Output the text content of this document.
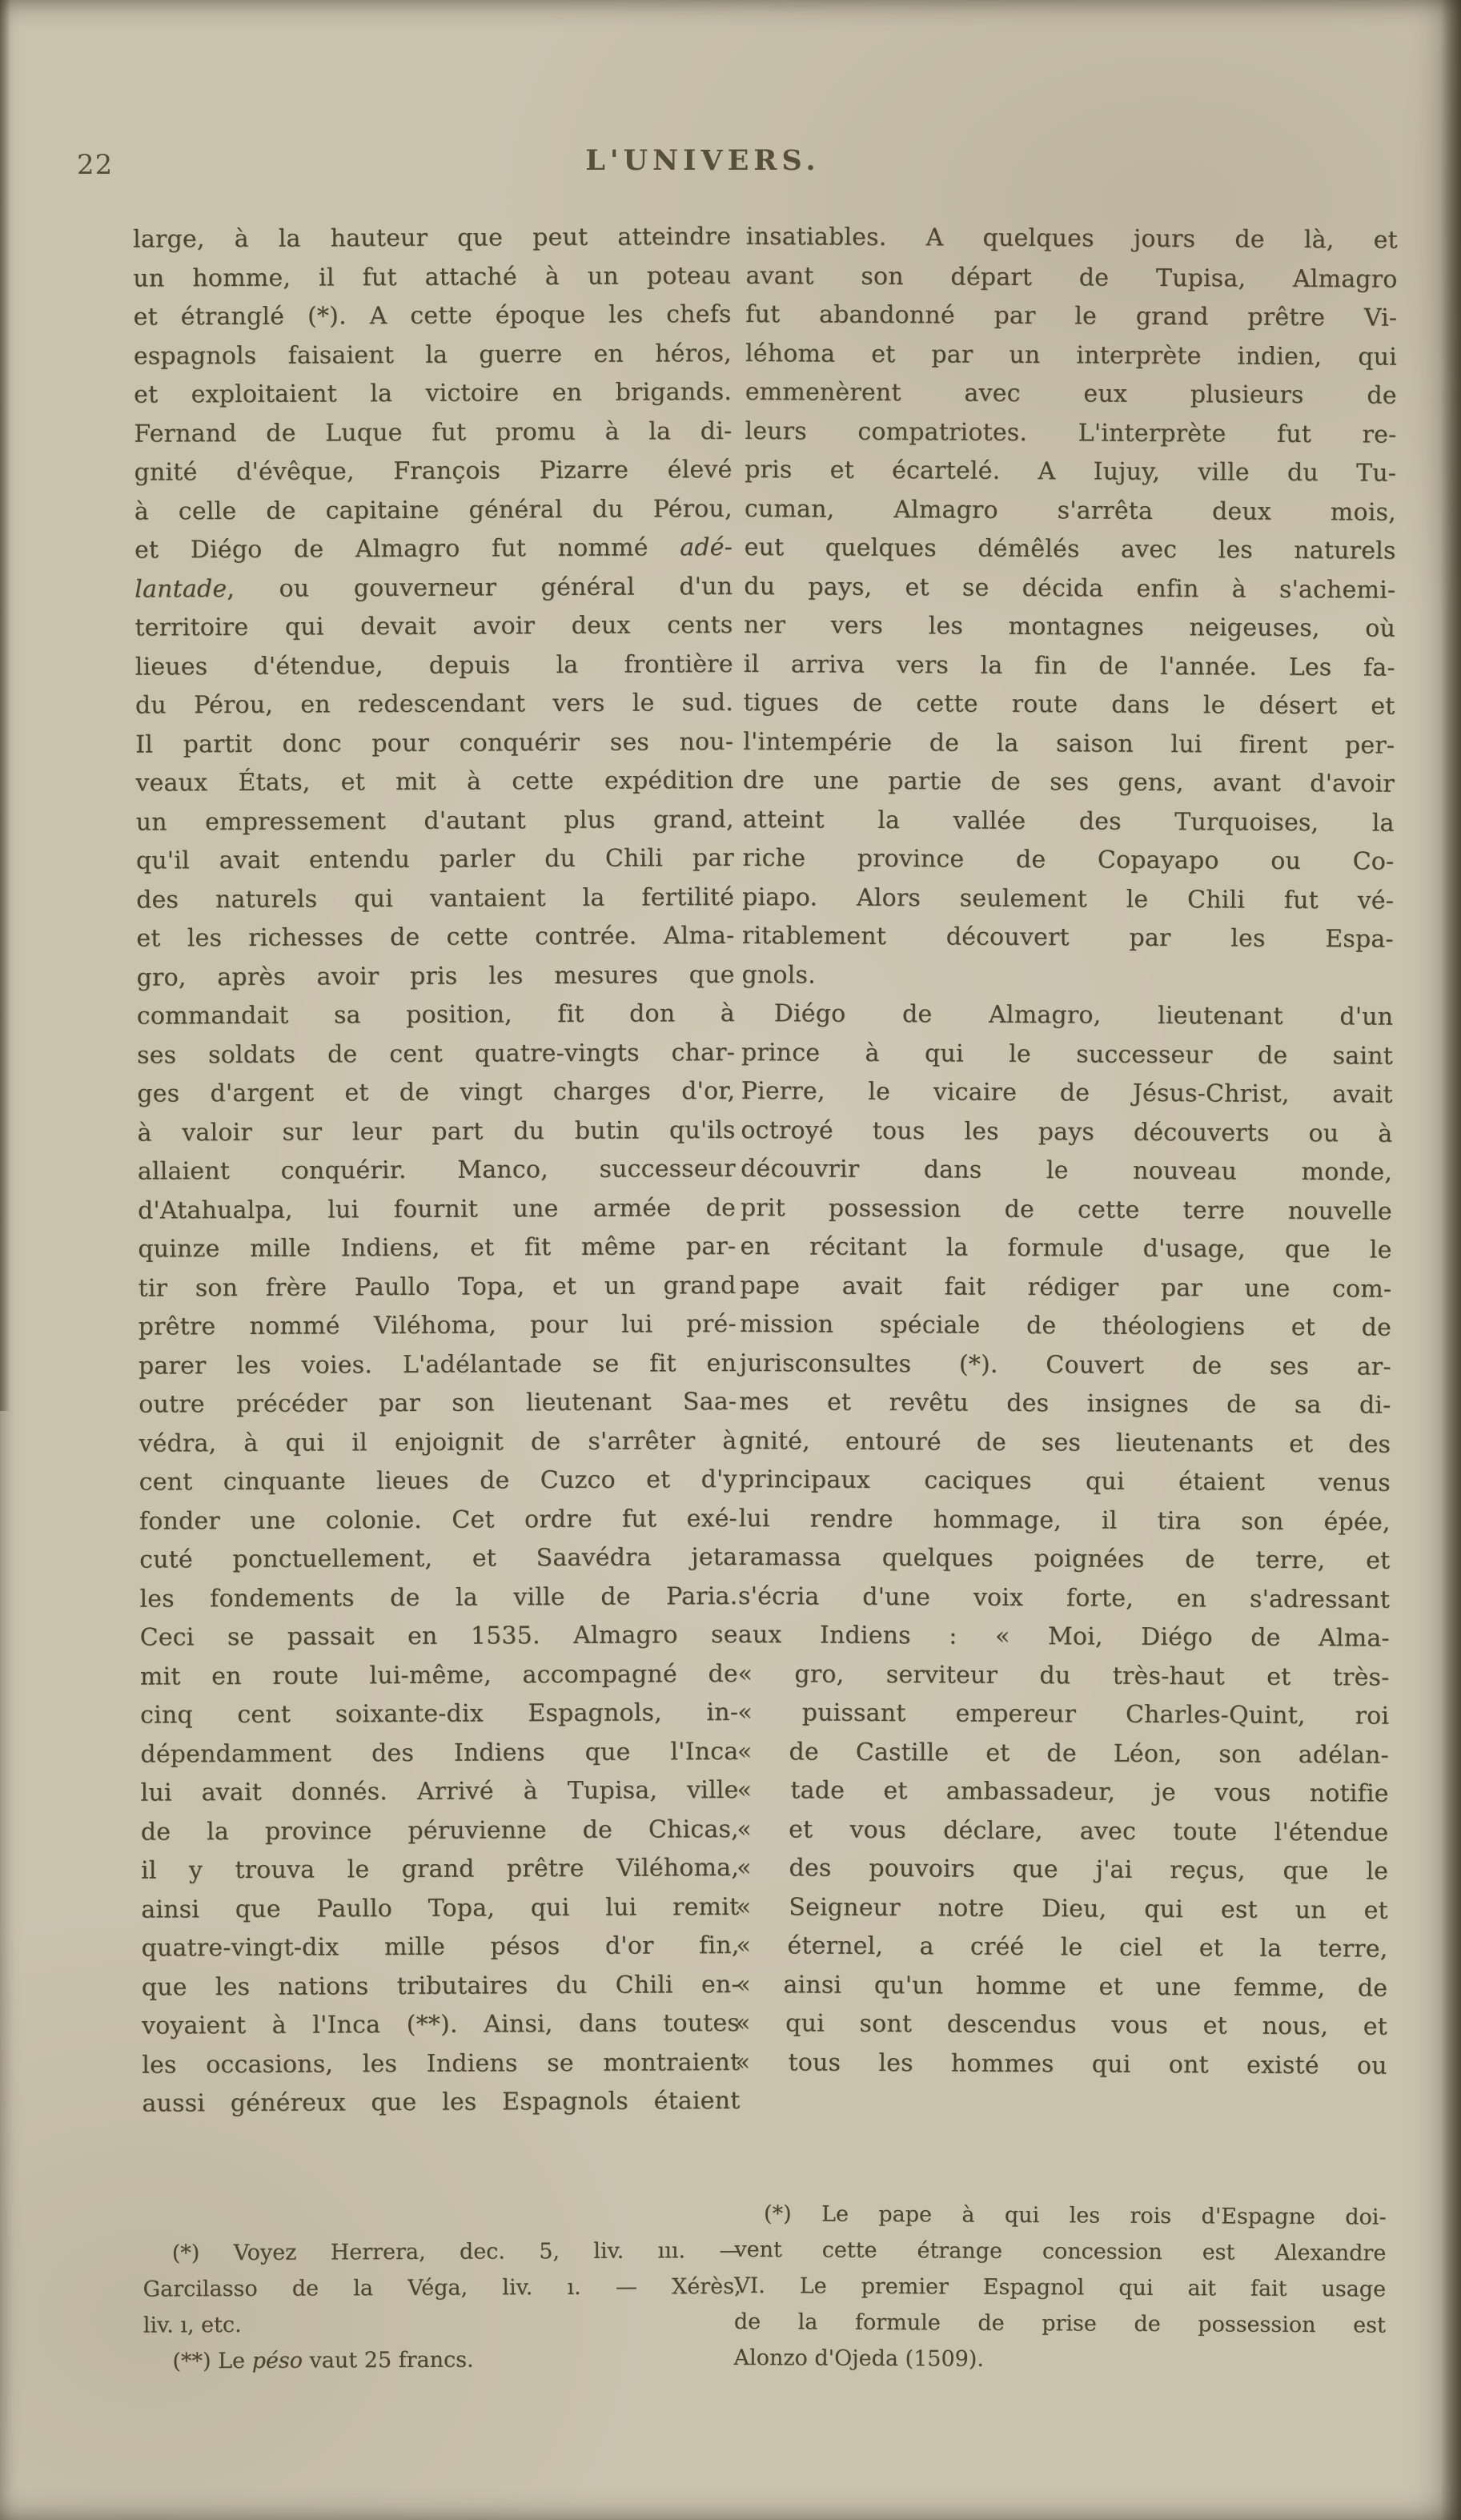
22	L'UNIVERS.
large, à la hauteur que peut atteindre
un homme, il fut attaché à un poteau
et étranglé (*). A cette époque les chefs
espagnols faisaient la guerre en héros,
et exploitaient la victoire en brigands.
Fernand de Luque fut promu à la di-
gnité d'évêque, François Pizarre élevé
à celle de capitaine général du Pérou,
et Diégo de Almagro fut nommé adé-
lantade, ou gouverneur général d'un
territoire qui devait avoir deux cents
lieues d'étendue, depuis la frontière
du Pérou, en redescendant vers le sud.
Il partit donc pour conquérir ses nou-
veaux États, et mit à cette expédition
un empressement d'autant plus grand,
qu'il avait entendu parler du Chili par
des naturels qui vantaient la fertilité
et les richesses de cette contrée. Alma-
gro, après avoir pris les mesures que
commandait sa position, fit don à
ses soldats de cent quatre-vingts char-
ges d'argent et de vingt charges d'or,
à valoir sur leur part du butin qu'ils
allaient conquérir. Manco, successeur
d'Atahualpa, lui fournit une armée de
quinze mille Indiens, et fit même par-
tir son frère Paullo Topa, et un grand
prêtre nommé Viléhoma, pour lui pré-
parer les voies. L'adélantade se fit en
outre précéder par son lieutenant Saa-
védra, à qui il enjoignit de s'arrêter à
cent cinquante lieues de Cuzco et d'y
fonder une colonie. Cet ordre fut exé-
cuté ponctuellement, et Saavédra jeta
les fondements de la ville de Paria.
Ceci se passait en 1535. Almagro se
mit en route lui-même, accompagné de
cinq cent soixante-dix Espagnols, in-
dépendamment des Indiens que l'Inca
lui avait donnés. Arrivé à Tupisa, ville
de la province péruvienne de Chicas,
il y trouva le grand prêtre Viléhoma,
ainsi que Paullo Topa, qui lui remit
quatre-vingt-dix mille pésos d'or fin,
que les nations tributaires du Chili en-
voyaient à l'Inca (**). Ainsi, dans toutes
les occasions, les Indiens se montraient
aussi généreux que les Espagnols étaient
(*) Voyez Herrera, dec. 5, liv. ııı. —
Garcilasso de la Véga, liv. ı. — Xérès,
liv. ı, etc.
(**) Le péso vaut 25 francs.
insatiables. A quelques jours de là, et
avant son départ de Tupisa, Almagro
fut abandonné par le grand prêtre Vi-
léhoma et par un interprète indien, qui
emmenèrent avec eux plusieurs de
leurs compatriotes. L'interprète fut re-
pris et écartelé. A Iujuy, ville du Tu-
cuman, Almagro s'arrêta deux mois,
eut quelques démêlés avec les naturels
du pays, et se décida enfin à s'achemi-
ner vers les montagnes neigeuses, où
il arriva vers la fin de l'année. Les fa-
tigues de cette route dans le désert et
l'intempérie de la saison lui firent per-
dre une partie de ses gens, avant d'avoir
atteint la vallée des Turquoises, la
riche province de Copayapo ou Co-
piapo. Alors seulement le Chili fut vé-
ritablement découvert par les Espa-
gnols.
Diégo de Almagro, lieutenant d'un
prince à qui le successeur de saint
Pierre, le vicaire de Jésus-Christ, avait
octroyé tous les pays découverts ou à
découvrir dans le nouveau monde,
prit possession de cette terre nouvelle
en récitant la formule d'usage, que le
pape avait fait rédiger par une com-
mission spéciale de théologiens et de
jurisconsultes (*). Couvert de ses ar-
mes et revêtu des insignes de sa di-
gnité, entouré de ses lieutenants et des
principaux caciques qui étaient venus
lui rendre hommage, il tira son épée,
ramassa quelques poignées de terre, et
s'écria d'une voix forte, en s'adressant
aux Indiens : « Moi, Diégo de Alma-
« gro, serviteur du très-haut et très-
« puissant empereur Charles-Quint, roi
« de Castille et de Léon, son adélan-
« tade et ambassadeur, je vous notifie
« et vous déclare, avec toute l'étendue
« des pouvoirs que j'ai reçus, que le
« Seigneur notre Dieu, qui est un et
« éternel, a créé le ciel et la terre,
« ainsi qu'un homme et une femme, de
« qui sont descendus vous et nous, et
« tous les hommes qui ont existé ou
(*) Le pape à qui les rois d'Espagne doi-
vent cette étrange concession est Alexandre
VI. Le premier Espagnol qui ait fait usage
de la formule de prise de possession est
Alonzo d'Ojeda (1509).
